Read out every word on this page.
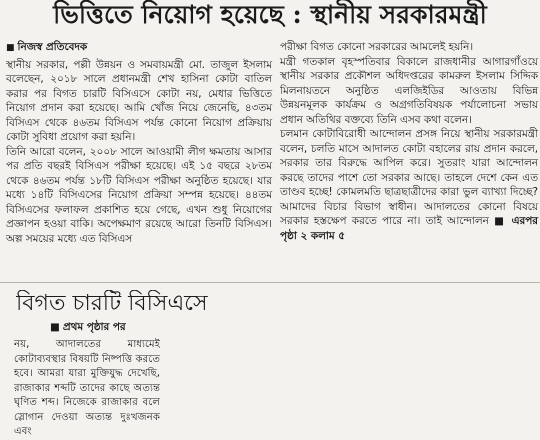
ভিত্তিতে নিয়োগ হয়েছে : স্থানীয় সরকারমন্ত্রী
■ নিজস্ব প্রতিবেদক

স্থানীয় সরকার, পল্লী উন্নয়ন ও সমবায়মন্ত্রী মো. তাজুল ইসলাম বলেছেন, ২০১৮ সালে প্রধানমন্ত্রী শেখ হাসিনা কোটা বাতিল করার পর বিগত চারটি বিসিএসে কোটা নয়, মেধার ভিত্তিতে নিয়োগ প্রদান করা হয়েছে। আমি খোঁজ নিয়ে জেনেছি, ৪৩তম বিসিএস থেকে ৪৬তম বিসিএস পর্যন্ত কোনো নিয়োগ প্রক্রিয়ায় কোটা সুবিধা প্রয়োগ করা হয়নি।

তিনি আরো বলেন, ২০০৮ সালে আওয়ামী লীগ ক্ষমতায় আসার পর প্রতি বছরই বিসিএস পরীক্ষা হয়েছে। এই ১৫ বছরে ২৮তম থেকে ৪৬তম পর্যন্ত ১৮টি বিসিএস পরীক্ষা অনুষ্ঠিত হয়েছে। যার মধ্যে ১৪টি বিসিএসের নিয়োগ প্রক্রিয়া সম্পন্ন হয়েছে। ৪৪তম বিসিএসের ফলাফল প্রকাশিত হয়ে গেছে, এখন শুধু নিয়োগের প্রজ্ঞাপন হওয়া বাকি। অপেক্ষমাণ রয়েছে আরো তিনটি বিসিএস। অল্প সময়ের মধ্যে এত বিসিএস

পরীক্ষা বিগত কোনো সরকারের আমলেই হয়নি।

মন্ত্রী গতকাল বৃহস্পতিবার বিকালে রাজধানীর আগারগাঁওয়ে স্থানীয় সরকার প্রকৌশল অধিদপ্তরের কামরুল ইসলাম সিদ্দিক মিলনায়তনে অনুষ্ঠিত এলজিইডির আওতায় বিভিন্ন উন্নয়নমূলক কার্যক্রম ও অগ্রগতিবিষয়ক পর্যালোচনা সভায় প্রধান অতিথির বক্তব্যে তিনি এসব কথা বলেন।

চলমান কোটাবিরোধী আন্দোলন প্রসঙ্গ নিয়ে স্থানীয় সরকারমন্ত্রী বলেন, চলতি মাসে আদালত কোটা বহালের রায় প্রদান করলে, সরকার তার বিরুদ্ধে আপিল করে। সুতরাং যারা আন্দোলন করছে তাদের পাশে তো সরকার আছে। তাহলে দেশে কেন এত তাণ্ডব হচ্ছে! কোমলমতি ছাত্রছাত্রীদের কারা ভুল ব্যাখ্যা দিচ্ছে? আমাদের বিচার বিভাগ স্বাধীন। আদালতের কোনো বিষয়ে সরকার হস্তক্ষেপ করতে পারে না। তাই আন্দোলন ■ এরপর পৃষ্ঠা ২ কলাম ৫

বিগত চারটি বিসিএসে
■ প্রথম পৃষ্ঠার পর

নয়, আদালতের মাধ্যমেই কোটাব্যবস্থার বিষয়টি নিষ্পত্তি করতে হবে। আমরা যারা মুক্তিযুদ্ধ দেখেছি, রাজাকার শব্দটি তাদের কাছে অত্যন্ত ঘৃণিত শব্দ। নিজেকে রাজাকার বলে স্লোগান দেওয়া অত্যন্ত দুঃখজনক এবং
